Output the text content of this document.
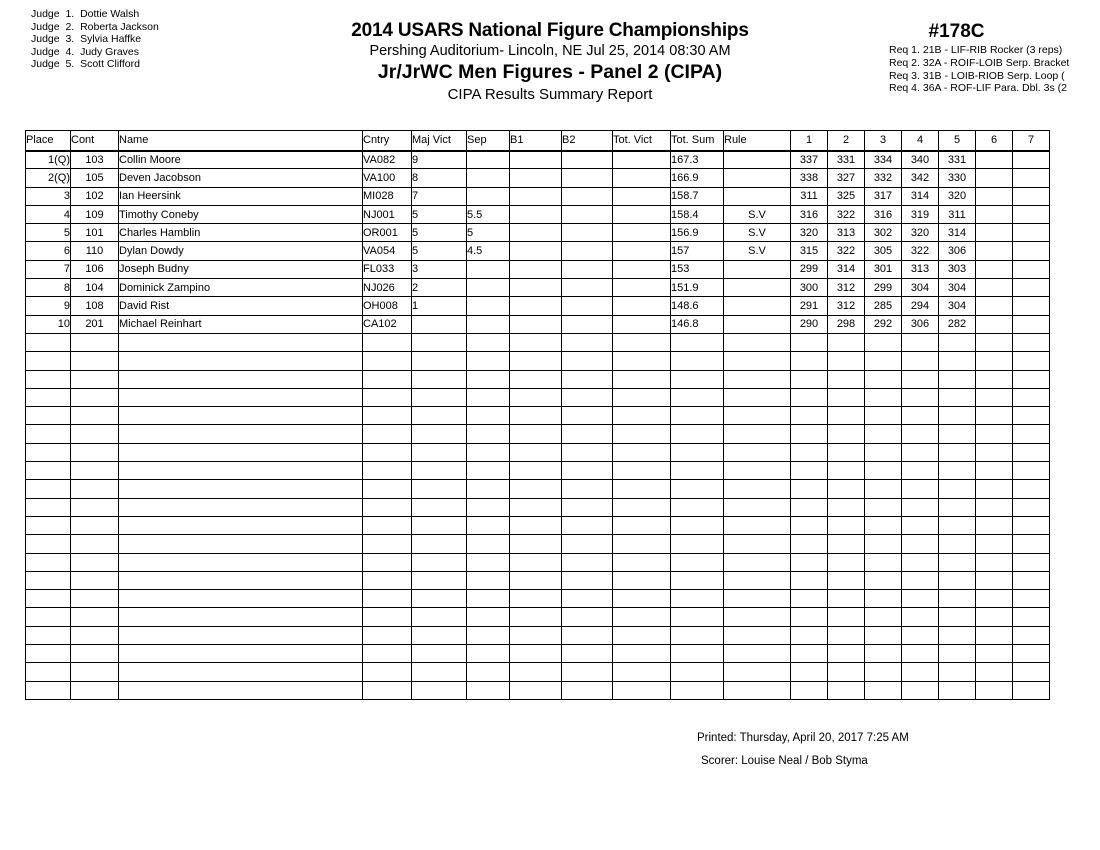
Judge 1. Dottie Walsh
Judge 2. Roberta Jackson
Judge 3. Sylvia Haffke
Judge 4. Judy Graves
Judge 5. Scott Clifford
2014 USARS National Figure Championships
Pershing Auditorium- Lincoln, NE Jul 25, 2014 08:30 AM
Jr/JrWC Men Figures - Panel 2 (CIPA)
CIPA Results Summary Report
#178C
Req 1. 21B - LIF-RIB Rocker (3 reps)
Req 2. 32A - ROIF-LOIB Serp. Bracket
Req 3. 31B - LOIB-RIOB Serp. Loop (
Req 4. 36A - ROF-LIF Para. Dbl. 3s (2
Place	Cont	Name	Cntry	Maj Vict	Sep	B1	B2	Tot. Vict	Tot. Sum	Rule	1	2	3	4	5	6	7
1(Q)	103	Collin Moore	VA082	9					167.3		337	331	334	340	331		
2(Q)	105	Deven Jacobson	VA100	8					166.9		338	327	332	342	330		
3	102	Ian Heersink	MI028	7					158.7		311	325	317	314	320		
4	109	Timothy Coneby	NJ001	5	5.5				158.4	S.V	316	322	316	319	311		
5	101	Charles Hamblin	OR001	5	5				156.9	S.V	320	313	302	320	314		
6	110	Dylan Dowdy	VA054	5	4.5				157	S.V	315	322	305	322	306		
7	106	Joseph Budny	FL033	3					153		299	314	301	313	303		
8	104	Dominick Zampino	NJ026	2					151.9		300	312	299	304	304		
9	108	David Rist	OH008	1					148.6		291	312	285	294	304		
10	201	Michael Reinhart	CA102						146.8		290	298	292	306	282		

Printed: Thursday, April 20, 2017 7:25 AM
Scorer: Louise Neal / Bob Styma
